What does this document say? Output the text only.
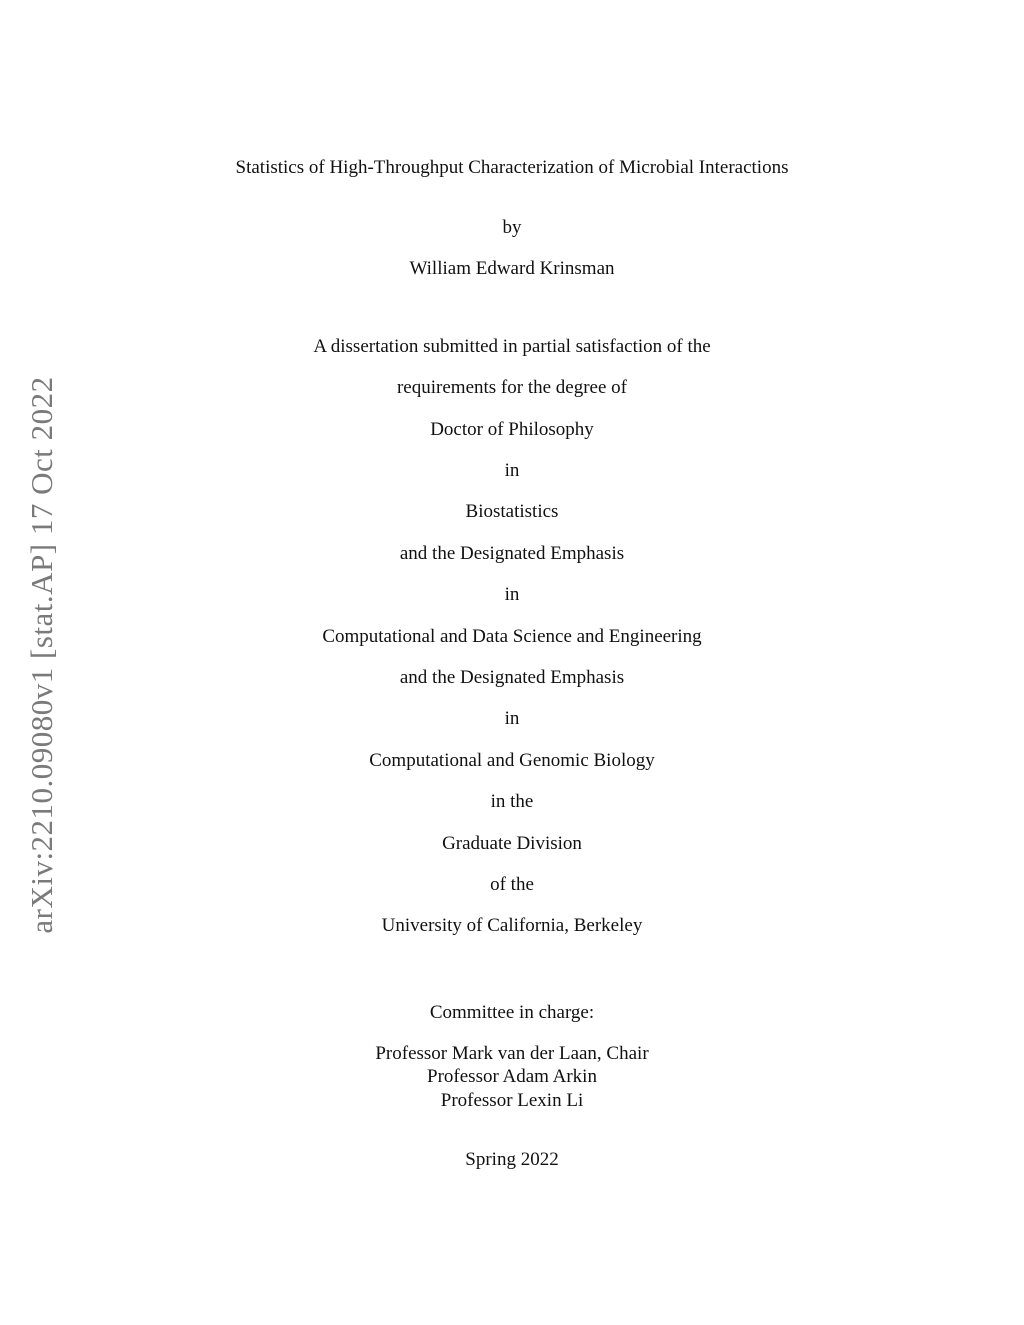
arXiv:2210.09080v1 [stat.AP] 17 Oct 2022
Statistics of High-Throughput Characterization of Microbial Interactions
by
William Edward Krinsman
A dissertation submitted in partial satisfaction of the
requirements for the degree of
Doctor of Philosophy
in
Biostatistics
and the Designated Emphasis
in
Computational and Data Science and Engineering
and the Designated Emphasis
in
Computational and Genomic Biology
in the
Graduate Division
of the
University of California, Berkeley
Committee in charge:
Professor Mark van der Laan, Chair
Professor Adam Arkin
Professor Lexin Li
Spring 2022
